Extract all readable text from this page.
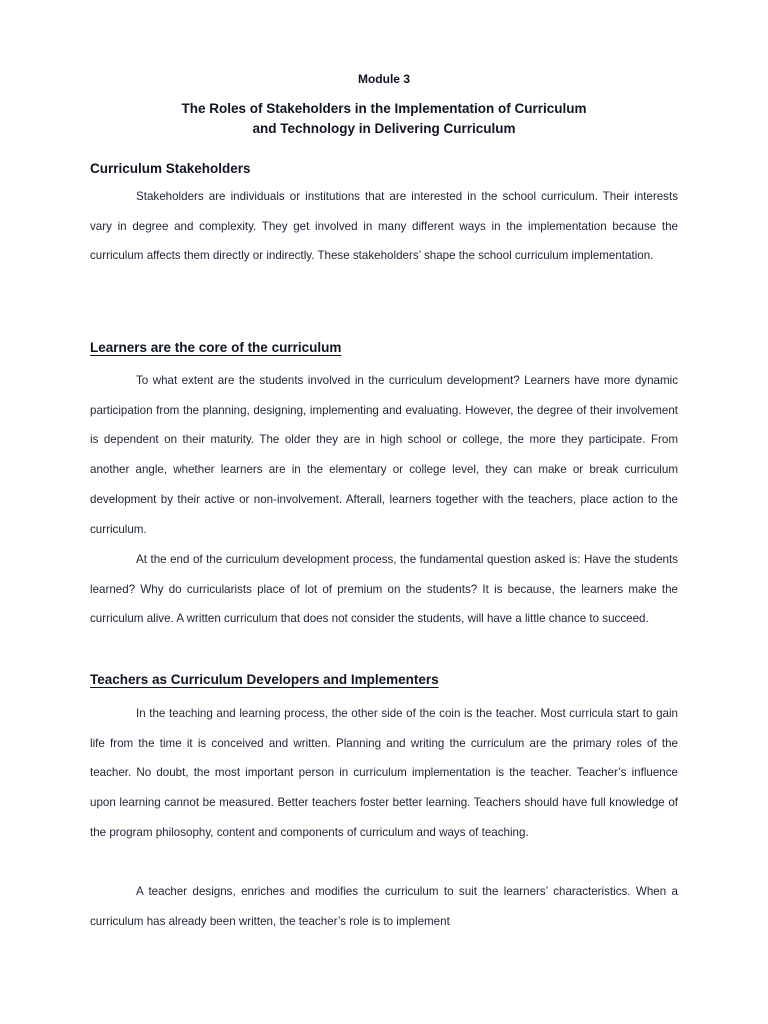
Module 3
The Roles of Stakeholders in the Implementation of Curriculum
and Technology in Delivering Curriculum
Curriculum Stakeholders

Stakeholders are individuals or institutions that are interested in the school curriculum. Their interests vary in degree and complexity. They get involved in many different ways in the implementation because the curriculum affects them directly or indirectly. These stakeholders’ shape the school curriculum implementation.

Learners are the core of the curriculum

To what extent are the students involved in the curriculum development? Learners have more dynamic participation from the planning, designing, implementing and evaluating. However, the degree of their involvement is dependent on their maturity. The older they are in high school or college, the more they participate. From another angle, whether learners are in the elementary or college level, they can make or break curriculum development by their active or non-involvement. Afterall, learners together with the teachers, place action to the curriculum.

At the end of the curriculum development process, the fundamental question asked is: Have the students learned? Why do curricularists place of lot of premium on the students? It is because, the learners make the curriculum alive. A written curriculum that does not consider the students, will have a little chance to succeed.

Teachers as Curriculum Developers and Implementers

In the teaching and learning process, the other side of the coin is the teacher. Most curricula start to gain life from the time it is conceived and written. Planning and writing the curriculum are the primary roles of the teacher. No doubt, the most important person in curriculum implementation is the teacher. Teacher’s influence upon learning cannot be measured. Better teachers foster better learning. Teachers should have full knowledge of the program philosophy, content and components of curriculum and ways of teaching.

A teacher designs, enriches and modifies the curriculum to suit the learners’ characteristics. When a curriculum has already been written, the teacher’s role is to implement
